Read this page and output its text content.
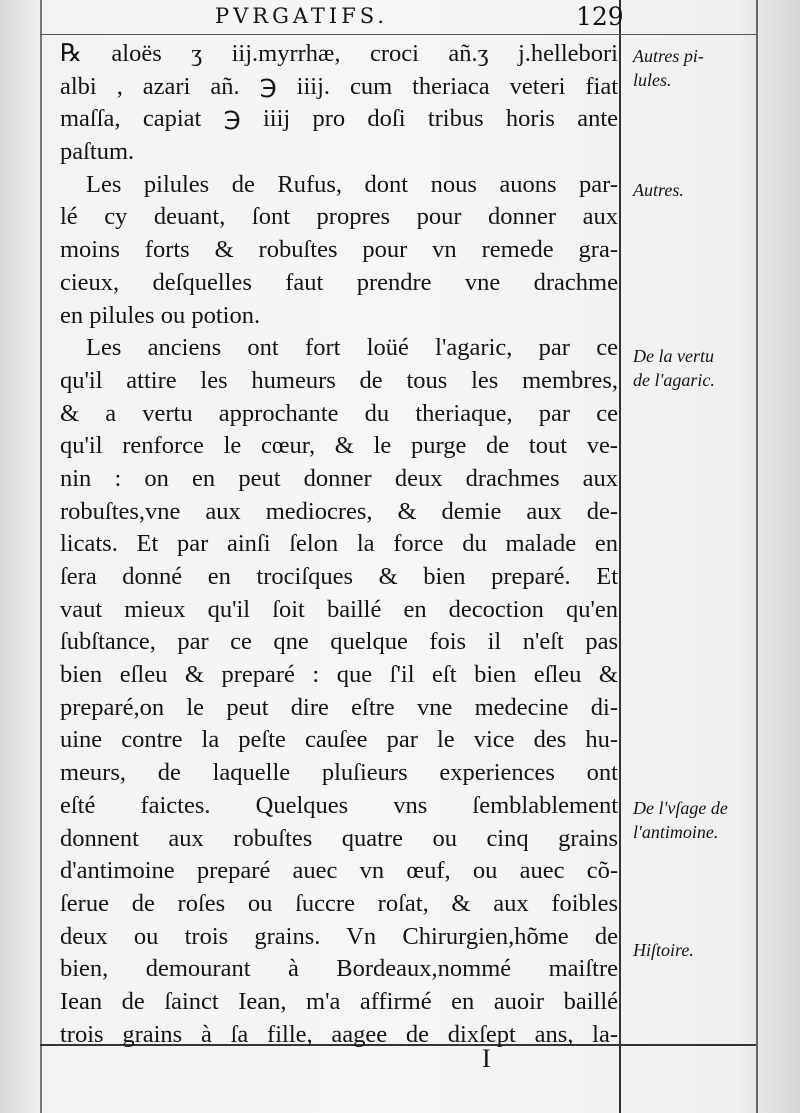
PVRGATIFS.	129
℞ aloës ʒ iij.myrrhæ, croci añ.ʒ j.hellebori
albi , azari añ. ℈ iiij. cum theriaca veteri fiat
maſſa, capiat ℈ iiij pro doſi tribus horis ante
paſtum.
Les pilules de Rufus, dont nous auons par-
lé cy deuant, ſont propres pour donner aux
moins forts & robuſtes pour vn remede gra-
cieux, deſquelles faut prendre vne drachme
en pilules ou potion.
Les anciens ont fort loüé l'agaric, par ce
qu'il attire les humeurs de tous les membres,
& a vertu approchante du theriaque, par ce
qu'il renforce le cœur, & le purge de tout ve-
nin : on en peut donner deux drachmes aux
robuſtes,vne aux mediocres, & demie aux de-
licats. Et par ainſi ſelon la force du malade en
ſera donné en trociſques & bien preparé. Et
vaut mieux qu'il ſoit baillé en decoction qu'en
ſubſtance, par ce qne quelque fois il n'eſt pas
bien eſleu & preparé : que ſ'il eſt bien eſleu &
preparé,on le peut dire eſtre vne medecine di-
uine contre la peſte cauſee par le vice des hu-
meurs, de laquelle pluſieurs experiences ont
eſté faictes. Quelques vns ſemblablement
donnent aux robuſtes quatre ou cinq grains
d'antimoine preparé auec vn œuf, ou auec cõ-
ſerue de roſes ou ſuccre roſat, & aux foibles
deux ou trois grains. Vn Chirurgien,hõme de
bien, demourant à Bordeaux,nommé maiſtre
Iean de ſainct Iean, m'a affirmé en auoir baillé
trois grains à ſa fille, aagee de dixſept ans, la-
Autres pi-
lules.
Autres.
De la vertu
de l'agaric.
De l'vſage de
l'antimoine.
Hiſtoire.
I
